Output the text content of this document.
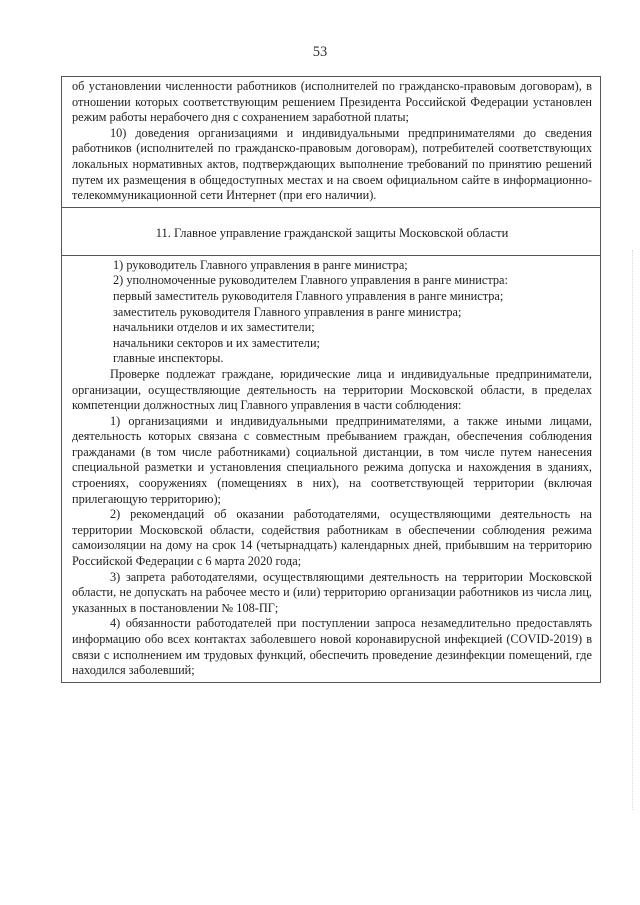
53

об установлении численности работников (исполнителей по гражданско-правовым договорам), в отношении которых соответствующим решением Президента Российской Федерации установлен режим работы нерабочего дня с сохранением заработной платы;

10) доведения организациями и индивидуальными предпринимателями до сведения работников (исполнителей по гражданско-правовым договорам), потребителей соответствующих локальных нормативных актов, подтверждающих выполнение требований по принятию решений путем их размещения в общедоступных местах и на своем официальном сайте в информационно-телекоммуникационной сети Интернет (при его наличии).

11. Главное управление гражданской защиты Московской области

1) руководитель Главного управления в ранге министра;

2) уполномоченные руководителем Главного управления в ранге министра:

первый заместитель руководителя Главного управления в ранге министра;

заместитель руководителя Главного управления в ранге министра;

начальники отделов и их заместители;

начальники секторов и их заместители;

главные инспекторы.

Проверке подлежат граждане, юридические лица и индивидуальные предприниматели, организации, осуществляющие деятельность на территории Московской области, в пределах компетенции должностных лиц Главного управления в части соблюдения:

1) организациями и индивидуальными предпринимателями, а также иными лицами, деятельность которых связана с совместным пребыванием граждан, обеспечения соблюдения гражданами (в том числе работниками) социальной дистанции, в том числе путем нанесения специальной разметки и установления специального режима допуска и нахождения в зданиях, строениях, сооружениях (помещениях в них), на соответствующей территории (включая прилегающую территорию);

2) рекомендаций об оказании работодателями, осуществляющими деятельность на территории Московской области, содействия работникам в обеспечении соблюдения режима самоизоляции на дому на срок 14 (четырнадцать) календарных дней, прибывшим на территорию Российской Федерации с 6 марта 2020 года;

3) запрета работодателями, осуществляющими деятельность на территории Московской области, не допускать на рабочее место и (или) территорию организации работников из числа лиц, указанных в постановлении № 108-ПГ;

4) обязанности работодателей при поступлении запроса незамедлительно предоставлять информацию обо всех контактах заболевшего новой коронавирусной инфекцией (COVID-2019) в связи с исполнением им трудовых функций, обеспечить проведение дезинфекции помещений, где находился заболевший;
